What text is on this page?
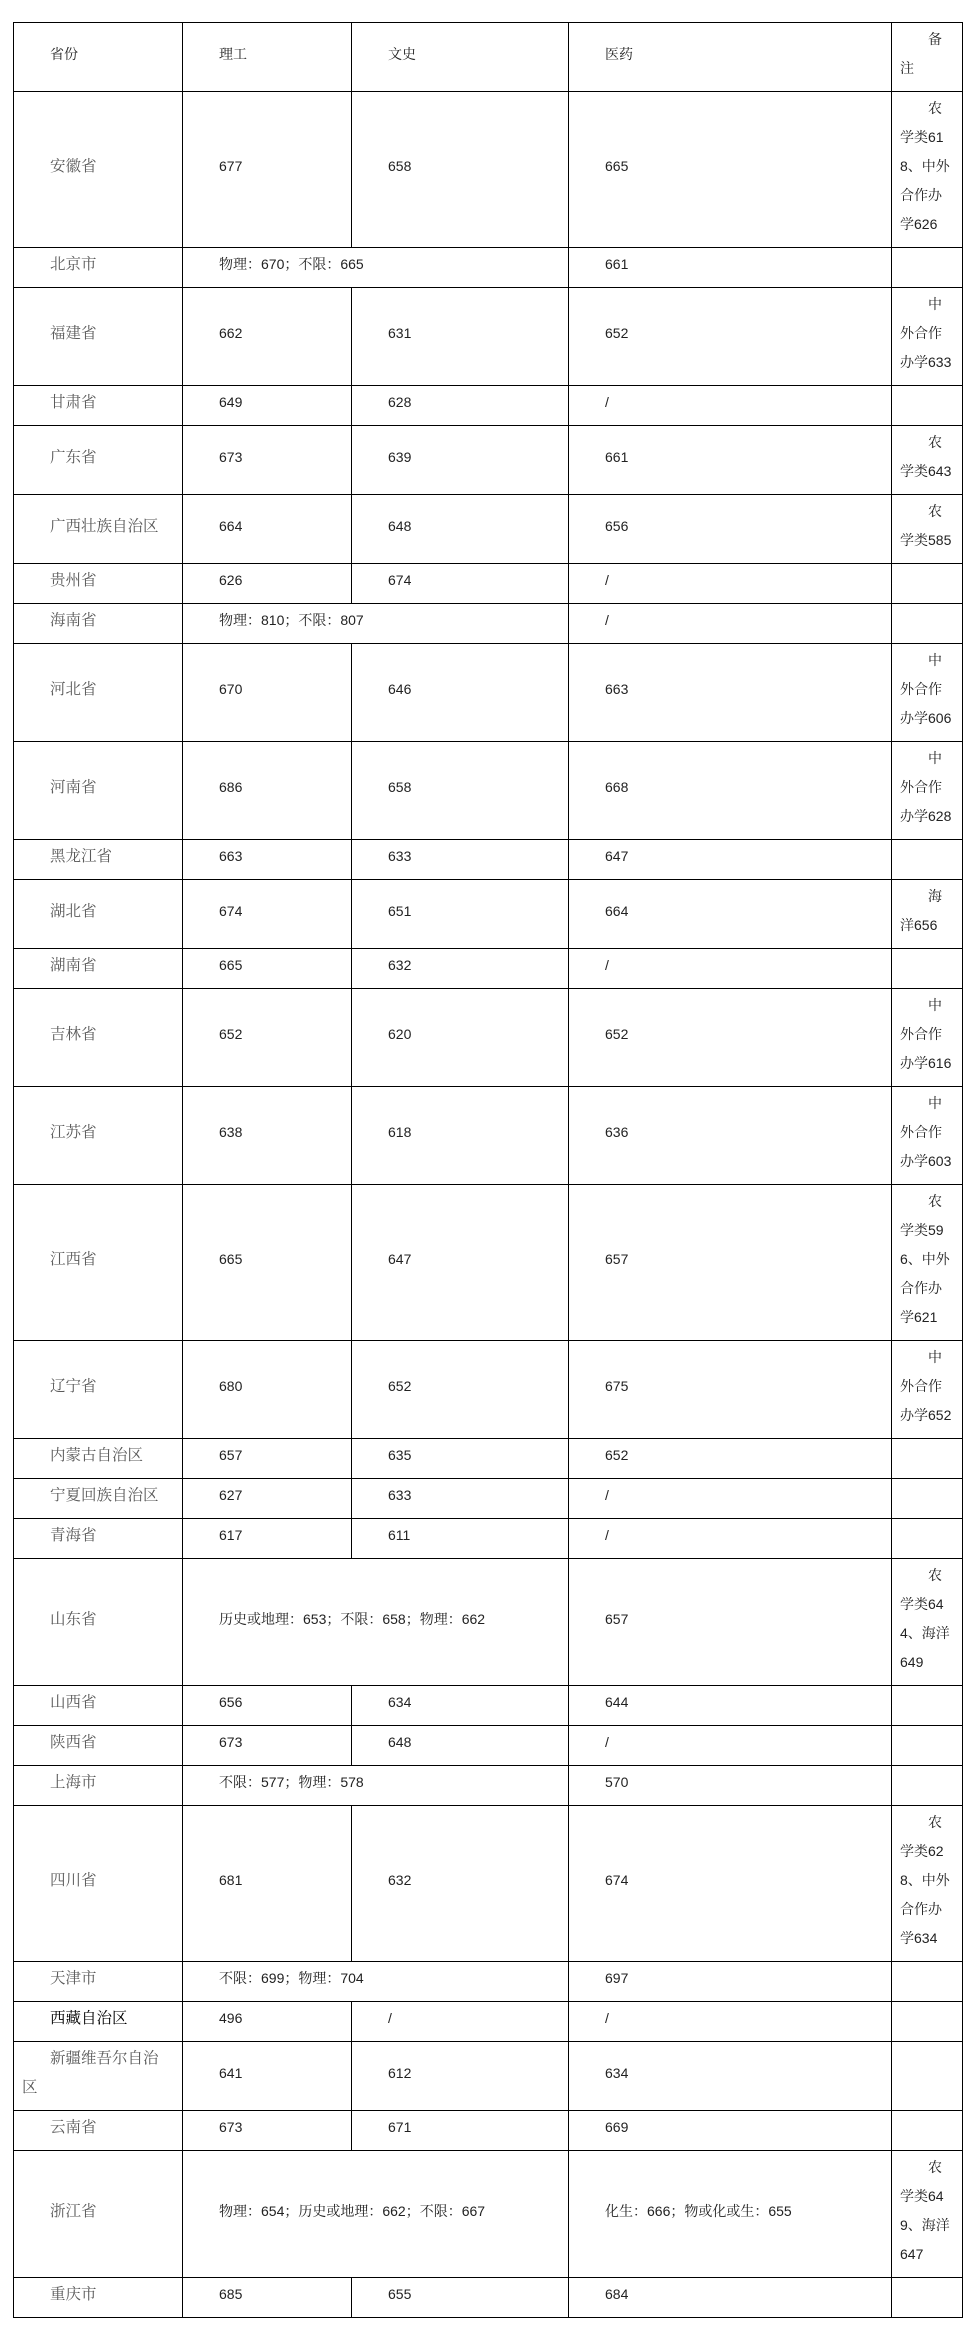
省份	理工	文史	医药	备注
安徽省	677	658	665	农学类618、中外合作办学626
北京市	物理：670；不限：665		661	
福建省	662	631	652	中外合作办学633
甘肃省	649	628	/	
广东省	673	639	661	农学类643
广西壮族自治区	664	648	656	农学类585
贵州省	626	674	/	
海南省	物理：810；不限：807		/	
河北省	670	646	663	中外合作办学606
河南省	686	658	668	中外合作办学628
黑龙江省	663	633	647	
湖北省	674	651	664	海洋656
湖南省	665	632	/	
吉林省	652	620	652	中外合作办学616
江苏省	638	618	636	中外合作办学603
江西省	665	647	657	农学类596、中外合作办学621
辽宁省	680	652	675	中外合作办学652
内蒙古自治区	657	635	652	
宁夏回族自治区	627	633	/	
青海省	617	611	/	
山东省	历史或地理：653；不限：658；物理：662		657	农学类644、海洋649
山西省	656	634	644	
陕西省	673	648	/	
上海市	不限：577；物理：578		570	
四川省	681	632	674	农学类628、中外合作办学634
天津市	不限：699；物理：704		697	
西藏自治区	496	/	/	
新疆维吾尔自治区	641	612	634	
云南省	673	671	669	
浙江省	物理：654；历史或地理：662；不限：667		化生：666；物或化或生：655	农学类649、海洋647
重庆市	685	655	684	
